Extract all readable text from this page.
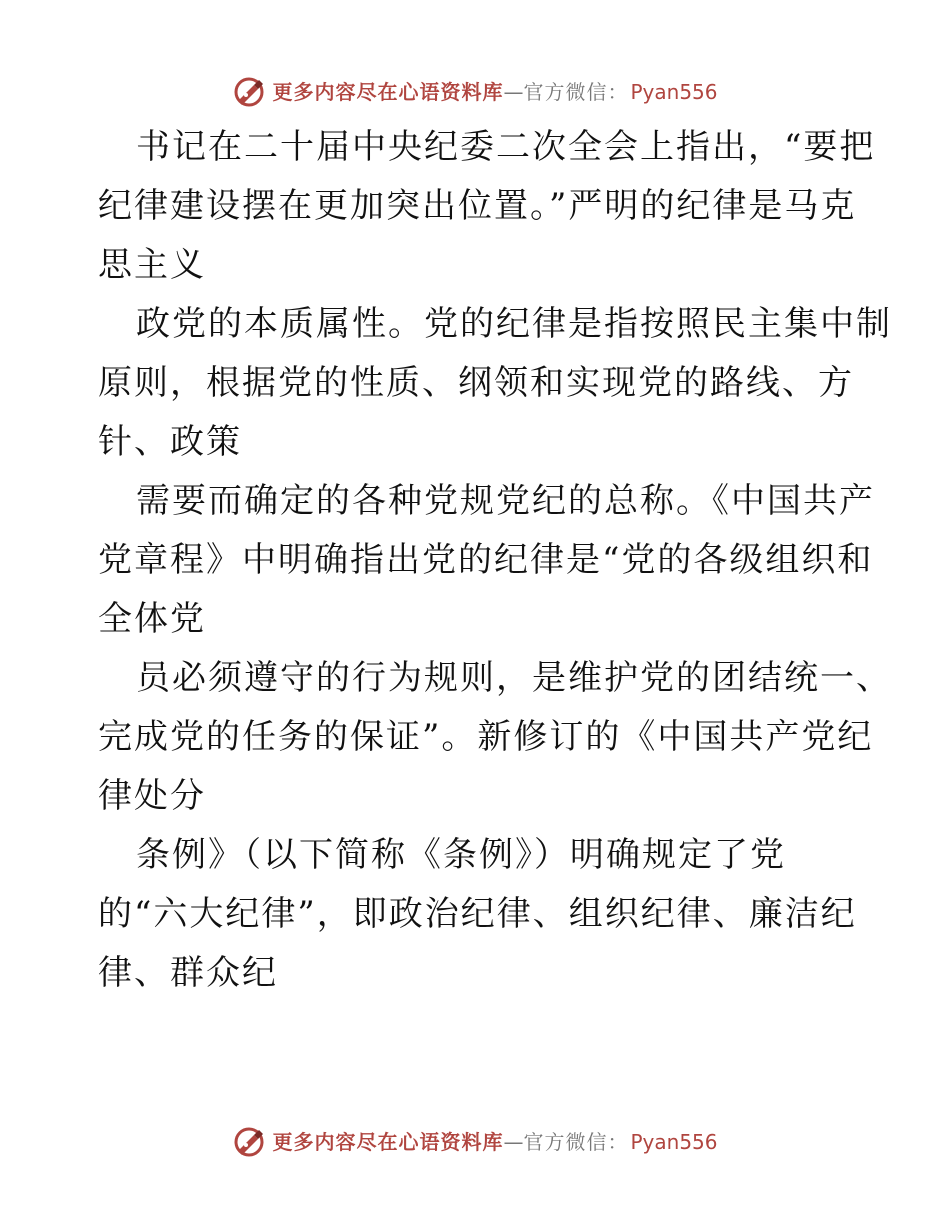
更多内容尽在心语资料库—官方微信： Pyan556
书记在二十届中央纪委二次全会上指出，“要把
纪律建设摆在更加突出位置。”严明的纪律是马克
思主义
政党的本质属性。党的纪律是指按照民主集中制
原则，根据党的性质、纲领和实现党的路线、方
针、政策
需要而确定的各种党规党纪的总称。《中国共产
党章程》中明确指出党的纪律是“党的各级组织和
全体党
员必须遵守的行为规则，是维护党的团结统一、
完成党的任务的保证”。新修订的《中国共产党纪
律处分
条例》（以下简称《条例》）明确规定了党
的“六大纪律”，即政治纪律、组织纪律、廉洁纪
律、群众纪
更多内容尽在心语资料库—官方微信： Pyan556
